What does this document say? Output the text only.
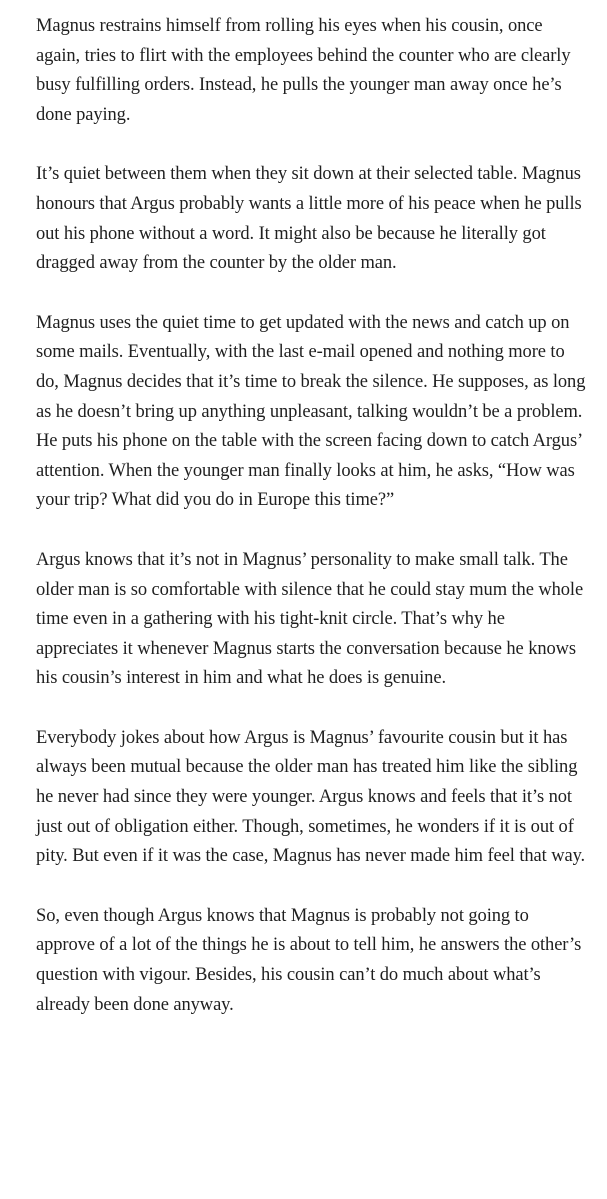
Magnus restrains himself from rolling his eyes when his cousin, once again, tries to flirt with the employees behind the counter who are clearly busy fulfilling orders. Instead, he pulls the younger man away once he’s done paying.

It’s quiet between them when they sit down at their selected table. Magnus honours that Argus probably wants a little more of his peace when he pulls out his phone without a word. It might also be because he literally got dragged away from the counter by the older man.

Magnus uses the quiet time to get updated with the news and catch up on some mails. Eventually, with the last e-mail opened and nothing more to do, Magnus decides that it’s time to break the silence. He supposes, as long as he doesn’t bring up anything unpleasant, talking wouldn’t be a problem. He puts his phone on the table with the screen facing down to catch Argus’ attention. When the younger man finally looks at him, he asks, “How was your trip? What did you do in Europe this time?”

Argus knows that it’s not in Magnus’ personality to make small talk. The older man is so comfortable with silence that he could stay mum the whole time even in a gathering with his tight-knit circle. That’s why he appreciates it whenever Magnus starts the conversation because he knows his cousin’s interest in him and what he does is genuine.

Everybody jokes about how Argus is Magnus’ favourite cousin but it has always been mutual because the older man has treated him like the sibling he never had since they were younger. Argus knows and feels that it’s not just out of obligation either. Though, sometimes, he wonders if it is out of pity. But even if it was the case, Magnus has never made him feel that way.

So, even though Argus knows that Magnus is probably not going to approve of a lot of the things he is about to tell him, he answers the other’s question with vigour. Besides, his cousin can’t do much about what’s already been done anyway.
